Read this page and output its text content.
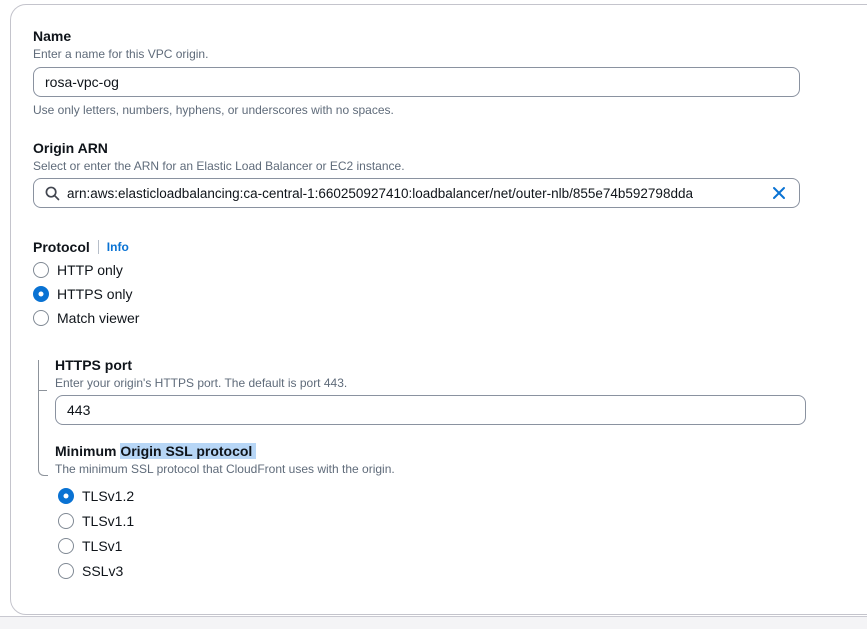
Name
Enter a name for this VPC origin.
rosa-vpc-og
Use only letters, numbers, hyphens, or underscores with no spaces.
Origin ARN
Select or enter the ARN for an Elastic Load Balancer or EC2 instance.
arn:aws:elasticloadbalancing:ca-central-1:660250927410:loadbalancer/net/outer-nlb/855e74b592798dda
Protocol Info
HTTP only
HTTPS only
Match viewer
HTTPS port
Enter your origin's HTTPS port. The default is port 443.
443
Minimum Origin SSL protocol
The minimum SSL protocol that CloudFront uses with the origin.
TLSv1.2
TLSv1.1
TLSv1
SSLv3
